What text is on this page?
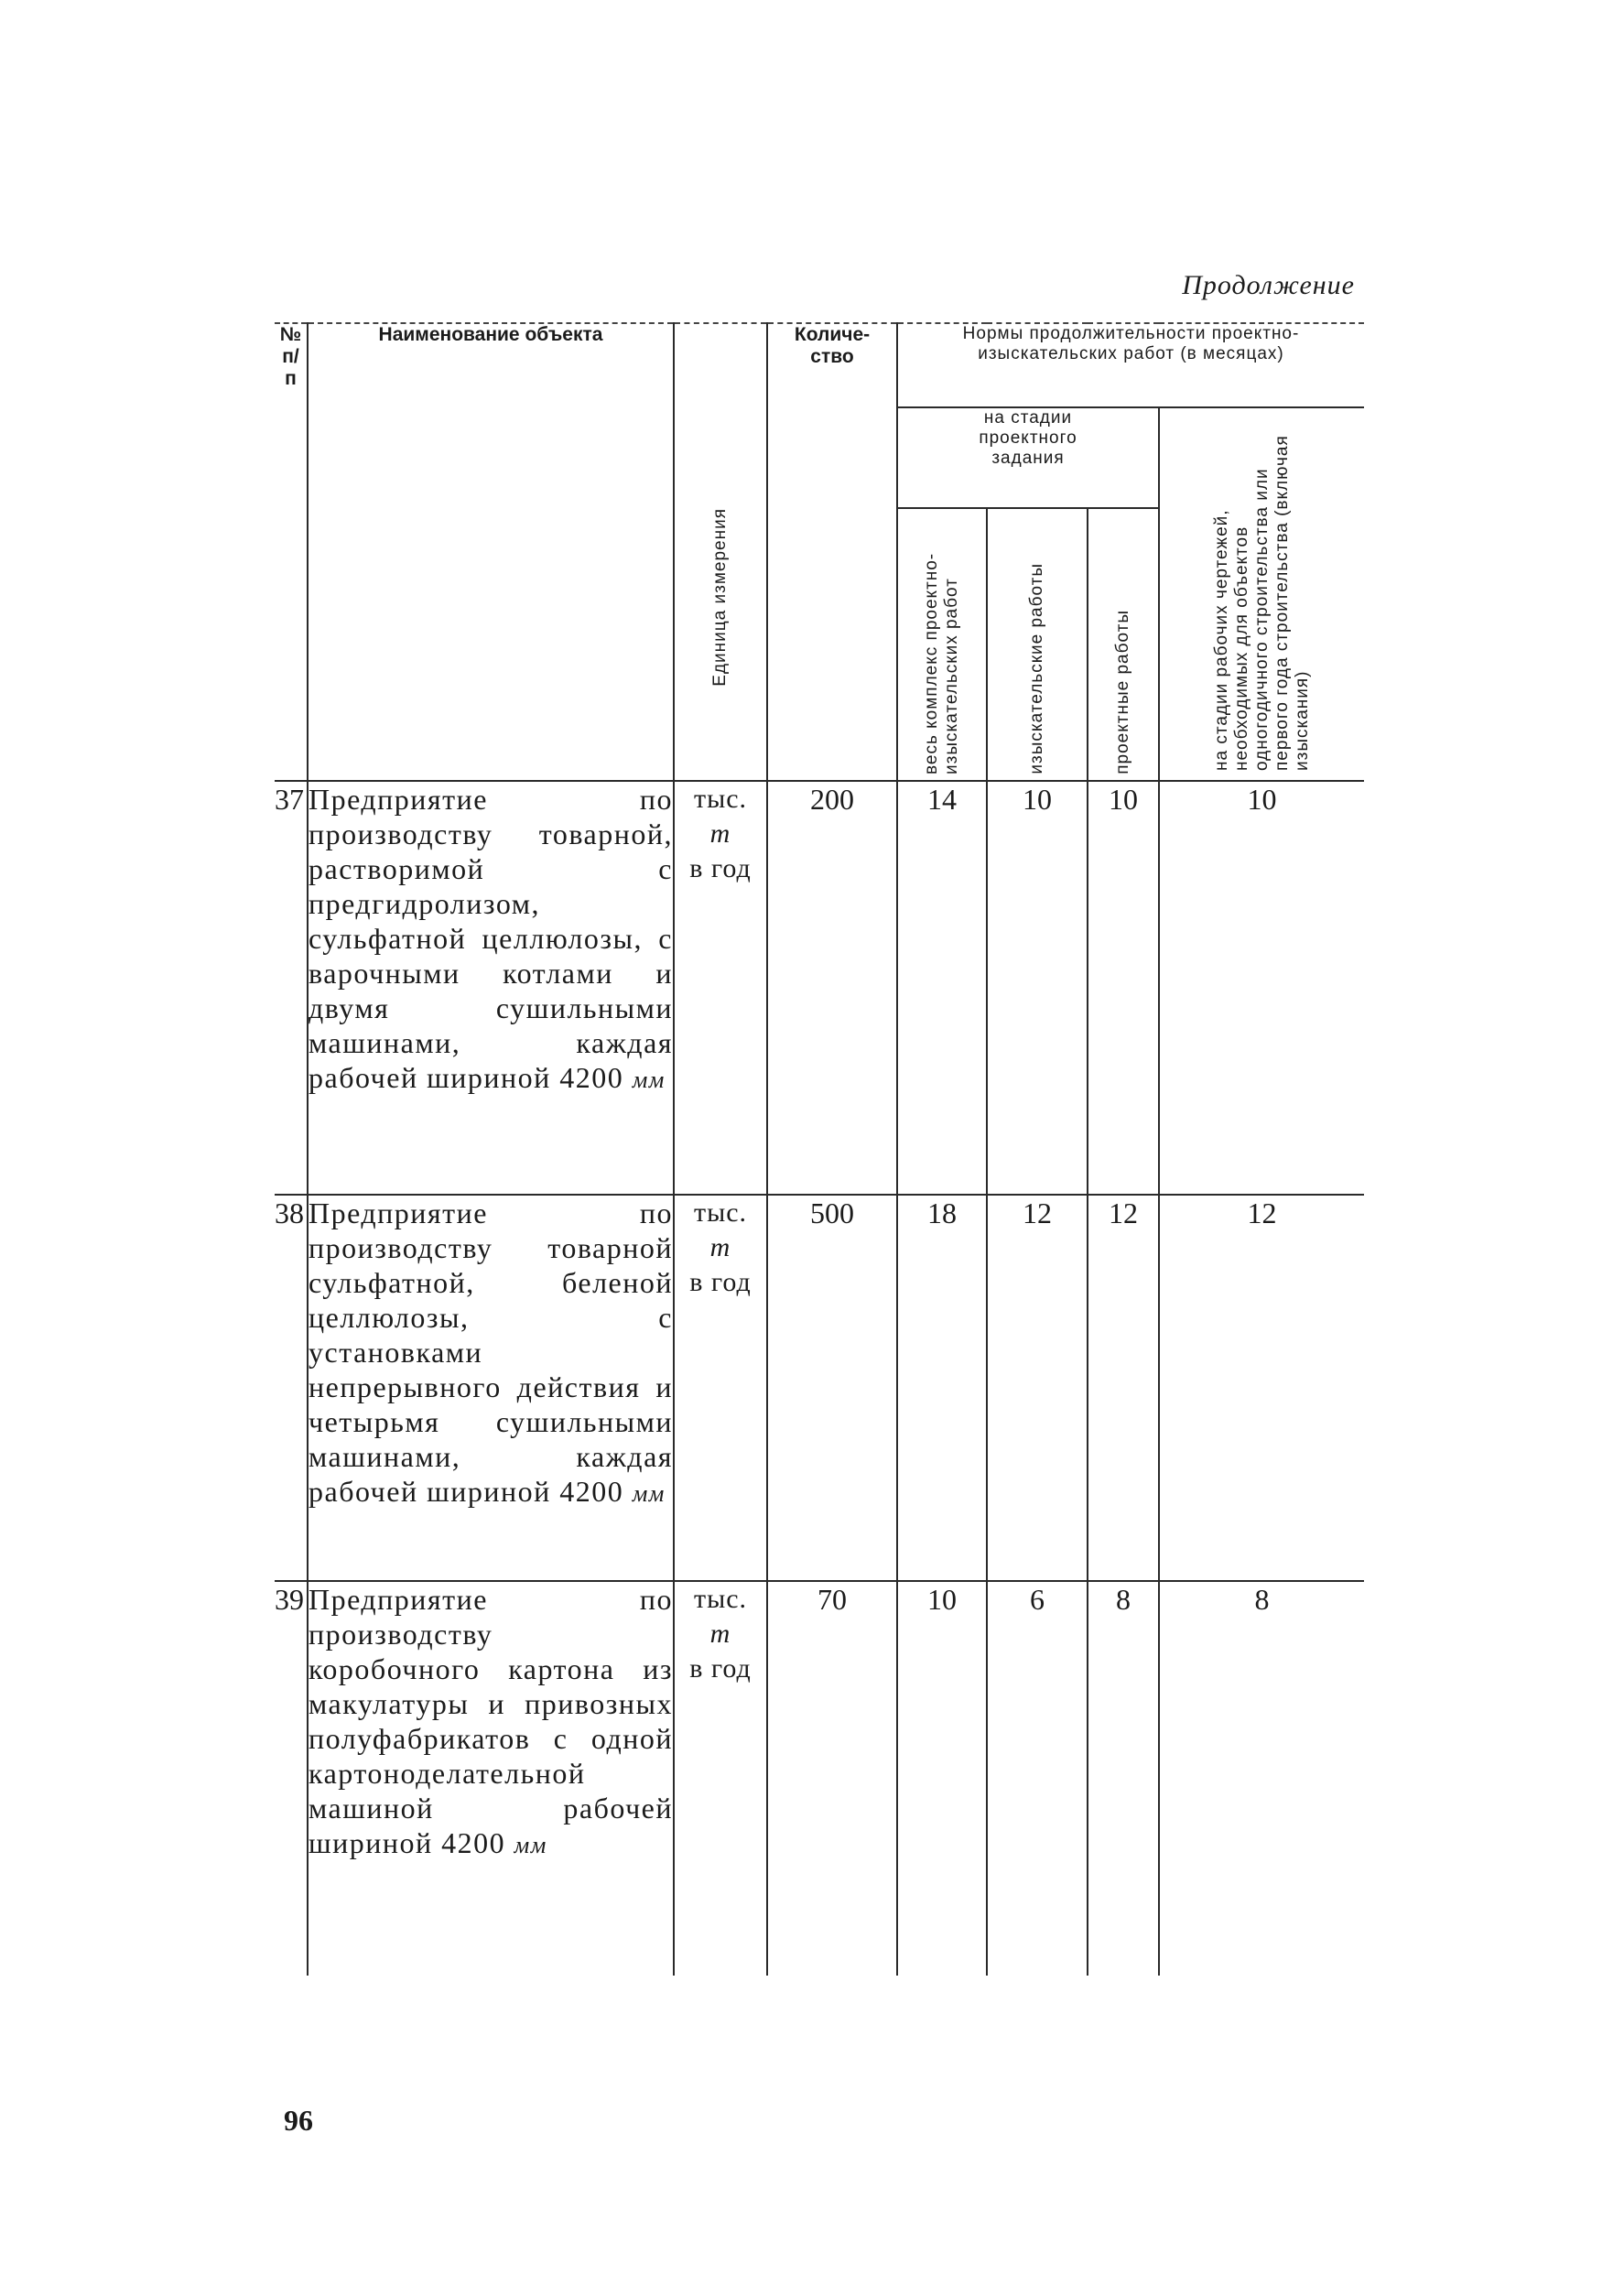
Продолжение
№ п/п	Наименование объекта	Единица измерения	Количе-ство	Нормы продолжительности проектно-изыскательских работ (в месяцах)			
				на стадии проектного задания			на стадии рабочих чертежей, необходимых для объектов одногодичного строительства или первого года строительства (включая изыскания)

				весь комплекс проектно-изыскательских работ	изыскательские работы	проектные работы	

37	Предприятие по производству товарной, растворимой с предгидролизом, сульфатной целлюлозы, с варочными котлами и двумя сушильными машинами, каждая рабочей шириной 4200 мм	тыс.
т
в год	200	14	10	10	10
38	Предприятие по производству товарной сульфатной, беленой целлюлозы, с установками непрерывного действия и четырьмя сушильными машинами, каждая рабочей шириной 4200 мм	тыс.
т
в год	500	18	12	12	12
39	Предприятие по производству коробочного картона из макулатуры и привозных полуфабрикатов с одной картоноделательной машиной рабочей шириной 4200 мм	тыс.
т
в год	70	10	6	8	8
96
